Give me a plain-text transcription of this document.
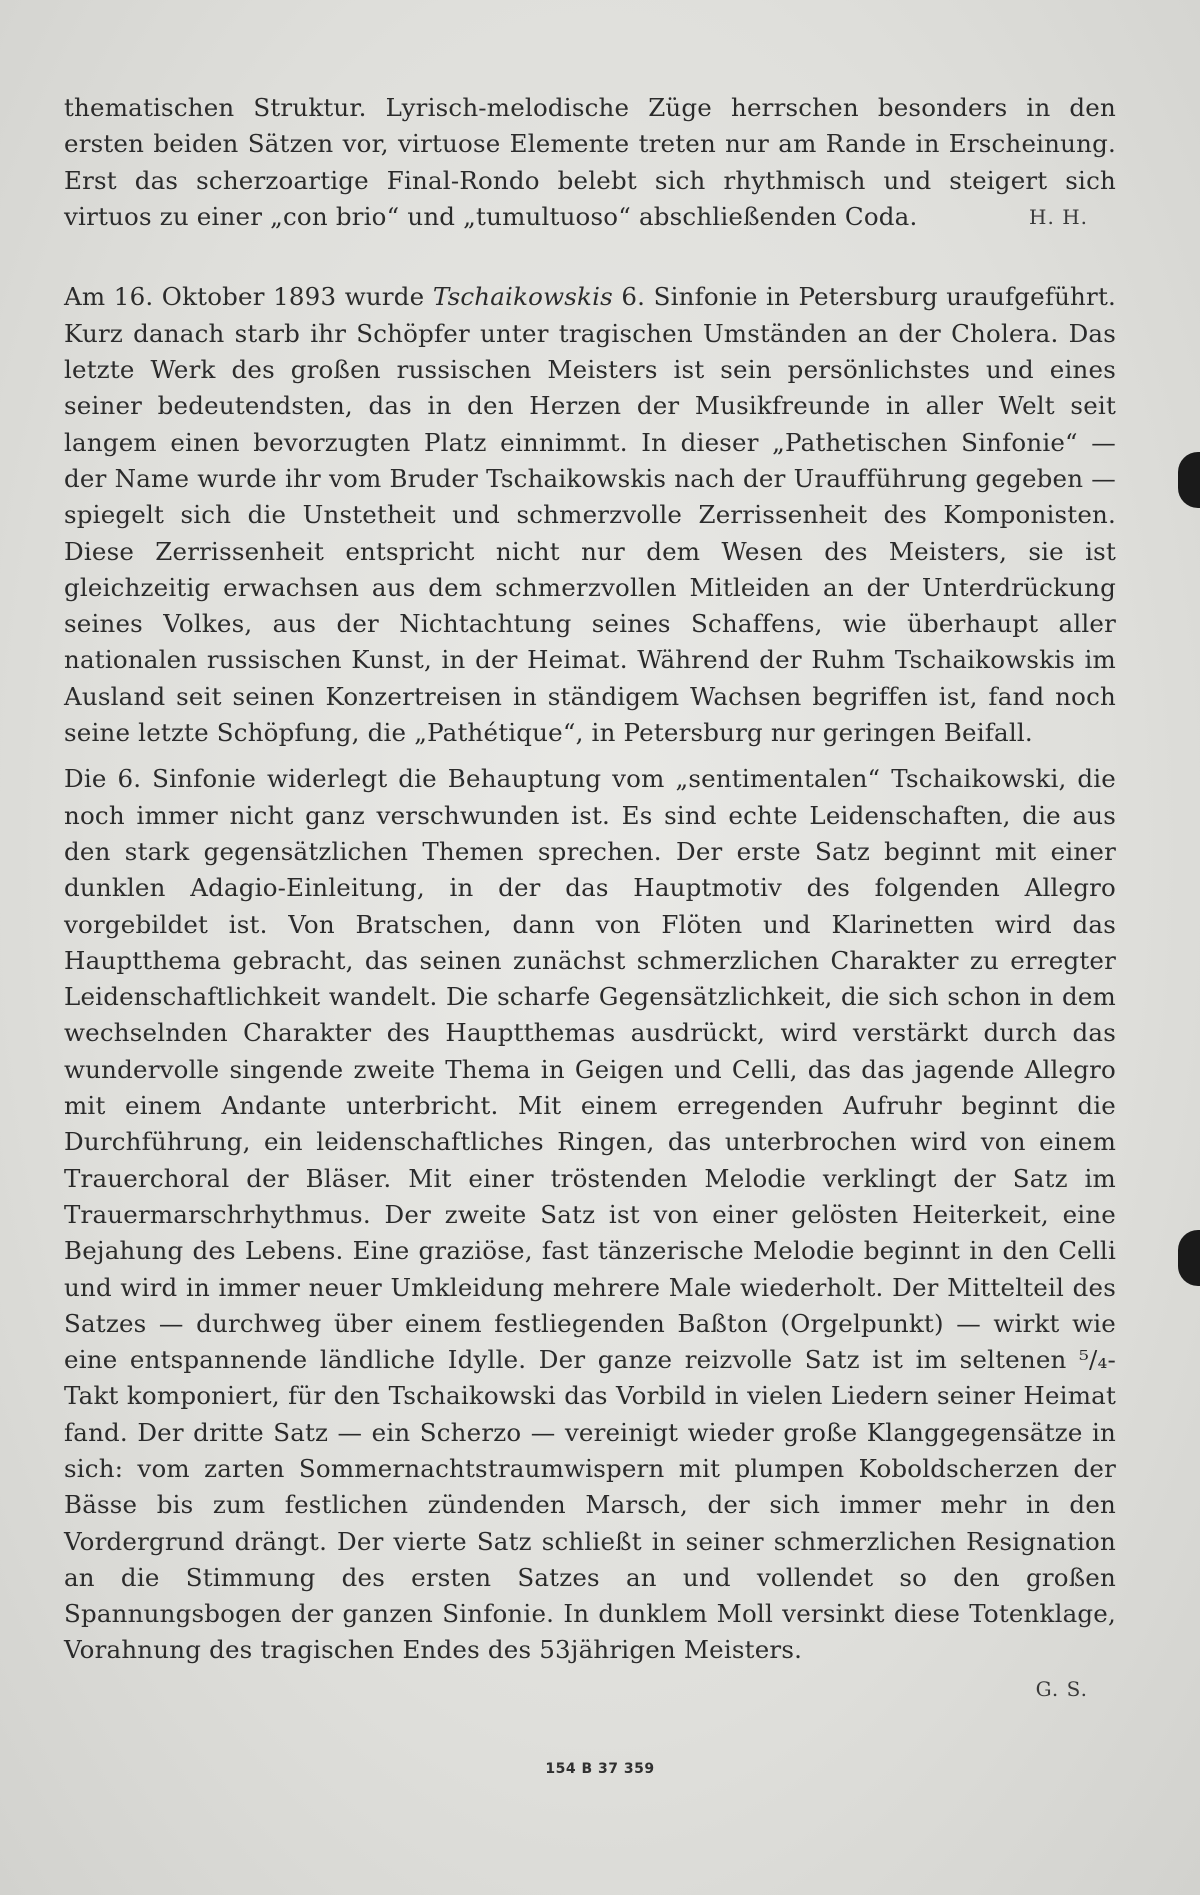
thematischen Struktur. Lyrisch-melodische Züge herrschen besonders in den ersten beiden Sätzen vor, virtuose Elemente treten nur am Rande in Erscheinung. Erst das scherzoartige Final-Rondo belebt sich rhythmisch und steigert sich virtuos zu einer „con brio“ und „tumultuoso“ abschließenden Coda.	H. H.

Am 16. Oktober 1893 wurde Tschaikowskis 6. Sinfonie in Petersburg uraufgeführt. Kurz danach starb ihr Schöpfer unter tragischen Umständen an der Cholera. Das letzte Werk des großen russischen Meisters ist sein persönlichstes und eines seiner bedeutendsten, das in den Herzen der Musikfreunde in aller Welt seit langem einen bevorzugten Platz einnimmt. In dieser „Pathetischen Sinfonie“ — der Name wurde ihr vom Bruder Tschaikowskis nach der Uraufführung gegeben — spiegelt sich die Unstetheit und schmerzvolle Zerrissenheit des Komponisten. Diese Zerrissenheit entspricht nicht nur dem Wesen des Meisters, sie ist gleichzeitig erwachsen aus dem schmerzvollen Mitleiden an der Unterdrückung seines Volkes, aus der Nichtachtung seines Schaffens, wie überhaupt aller nationalen russischen Kunst, in der Heimat. Während der Ruhm Tschaikowskis im Ausland seit seinen Konzertreisen in ständigem Wachsen begriffen ist, fand noch seine letzte Schöpfung, die „Pathétique“, in Petersburg nur geringen Beifall.

Die 6. Sinfonie widerlegt die Behauptung vom „sentimentalen“ Tschaikowski, die noch immer nicht ganz verschwunden ist. Es sind echte Leidenschaften, die aus den stark gegensätzlichen Themen sprechen. Der erste Satz beginnt mit einer dunklen Adagio-Einleitung, in der das Hauptmotiv des folgenden Allegro vorgebildet ist. Von Bratschen, dann von Flöten und Klarinetten wird das Hauptthema gebracht, das seinen zunächst schmerzlichen Charakter zu erregter Leidenschaftlichkeit wandelt. Die scharfe Gegensätzlichkeit, die sich schon in dem wechselnden Charakter des Hauptthemas ausdrückt, wird verstärkt durch das wundervolle singende zweite Thema in Geigen und Celli, das das jagende Allegro mit einem Andante unterbricht. Mit einem erregenden Aufruhr beginnt die Durchführung, ein leidenschaftliches Ringen, das unterbrochen wird von einem Trauerchoral der Bläser. Mit einer tröstenden Melodie verklingt der Satz im Trauermarschrhythmus. Der zweite Satz ist von einer gelösten Heiterkeit, eine Bejahung des Lebens. Eine graziöse, fast tänzerische Melodie beginnt in den Celli und wird in immer neuer Umkleidung mehrere Male wiederholt. Der Mittelteil des Satzes — durchweg über einem festliegenden Baßton (Orgelpunkt) — wirkt wie eine entspannende ländliche Idylle. Der ganze reizvolle Satz ist im seltenen ⁵/₄-Takt komponiert, für den Tschaikowski das Vorbild in vielen Liedern seiner Heimat fand. Der dritte Satz — ein Scherzo — vereinigt wieder große Klanggegensätze in sich: vom zarten Sommernachtstraumwispern mit plumpen Koboldscherzen der Bässe bis zum festlichen zündenden Marsch, der sich immer mehr in den Vordergrund drängt. Der vierte Satz schließt in seiner schmerzlichen Resignation an die Stimmung des ersten Satzes an und vollendet so den großen Spannungsbogen der ganzen Sinfonie. In dunklem Moll versinkt diese Totenklage, Vorahnung des tragischen Endes des 53jährigen Meisters.

G. S.
154 B 37 359
